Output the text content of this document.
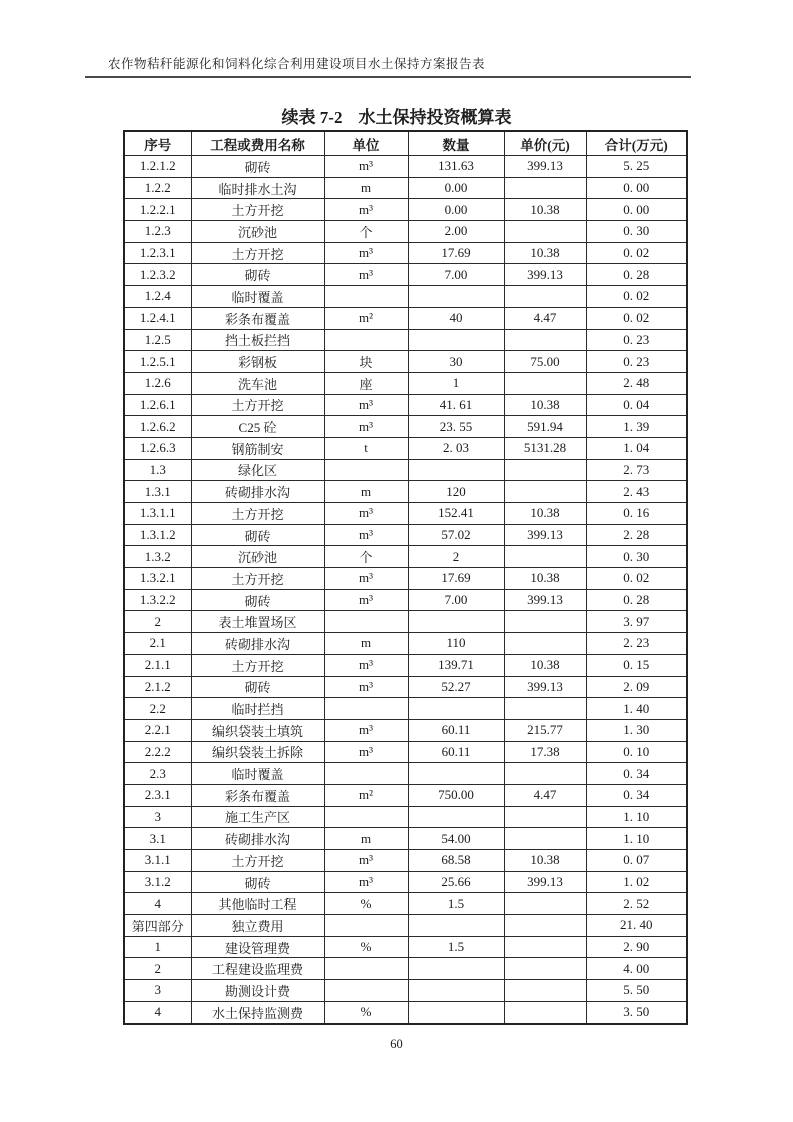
农作物秸秆能源化和饲料化综合利用建设项目水土保持方案报告表
续表 7-2 水土保持投资概算表
序号	工程或费用名称	单位	数量	单价(元)	合计(万元)
1.2.1.2	砌砖	m³	131.63	399.13	5. 25
1.2.2	临时排水土沟	m	0.00		0. 00
1.2.2.1	土方开挖	m³	0.00	10.38	0. 00
1.2.3	沉砂池	个	2.00		0. 30
1.2.3.1	土方开挖	m³	17.69	10.38	0. 02
1.2.3.2	砌砖	m³	7.00	399.13	0. 28
1.2.4	临时覆盖				0. 02
1.2.4.1	彩条布覆盖	m²	40	4.47	0. 02
1.2.5	挡土板拦挡				0. 23
1.2.5.1	彩钢板	块	30	75.00	0. 23
1.2.6	洗车池	座	1		2. 48
1.2.6.1	土方开挖	m³	41. 61	10.38	0. 04
1.2.6.2	C25 砼	m³	23. 55	591.94	1. 39
1.2.6.3	钢筋制安	t	2. 03	5131.28	1. 04
1.3	绿化区				2. 73
1.3.1	砖砌排水沟	m	120		2. 43
1.3.1.1	土方开挖	m³	152.41	10.38	0. 16
1.3.1.2	砌砖	m³	57.02	399.13	2. 28
1.3.2	沉砂池	个	2		0. 30
1.3.2.1	土方开挖	m³	17.69	10.38	0. 02
1.3.2.2	砌砖	m³	7.00	399.13	0. 28
2	表土堆置场区				3. 97
2.1	砖砌排水沟	m	110		2. 23
2.1.1	土方开挖	m³	139.71	10.38	0. 15
2.1.2	砌砖	m³	52.27	399.13	2. 09
2.2	临时拦挡				1. 40
2.2.1	编织袋装土填筑	m³	60.11	215.77	1. 30
2.2.2	编织袋装土拆除	m³	60.11	17.38	0. 10
2.3	临时覆盖				0. 34
2.3.1	彩条布覆盖	m²	750.00	4.47	0. 34
3	施工生产区				1. 10
3.1	砖砌排水沟	m	54.00		1. 10
3.1.1	土方开挖	m³	68.58	10.38	0. 07
3.1.2	砌砖	m³	25.66	399.13	1. 02
4	其他临时工程	%	1.5		2. 52
第四部分	独立费用				21. 40
1	建设管理费	%	1.5		2. 90
2	工程建设监理费				4. 00
3	勘测设计费				5. 50
4	水土保持监测费	%			3. 50
60
